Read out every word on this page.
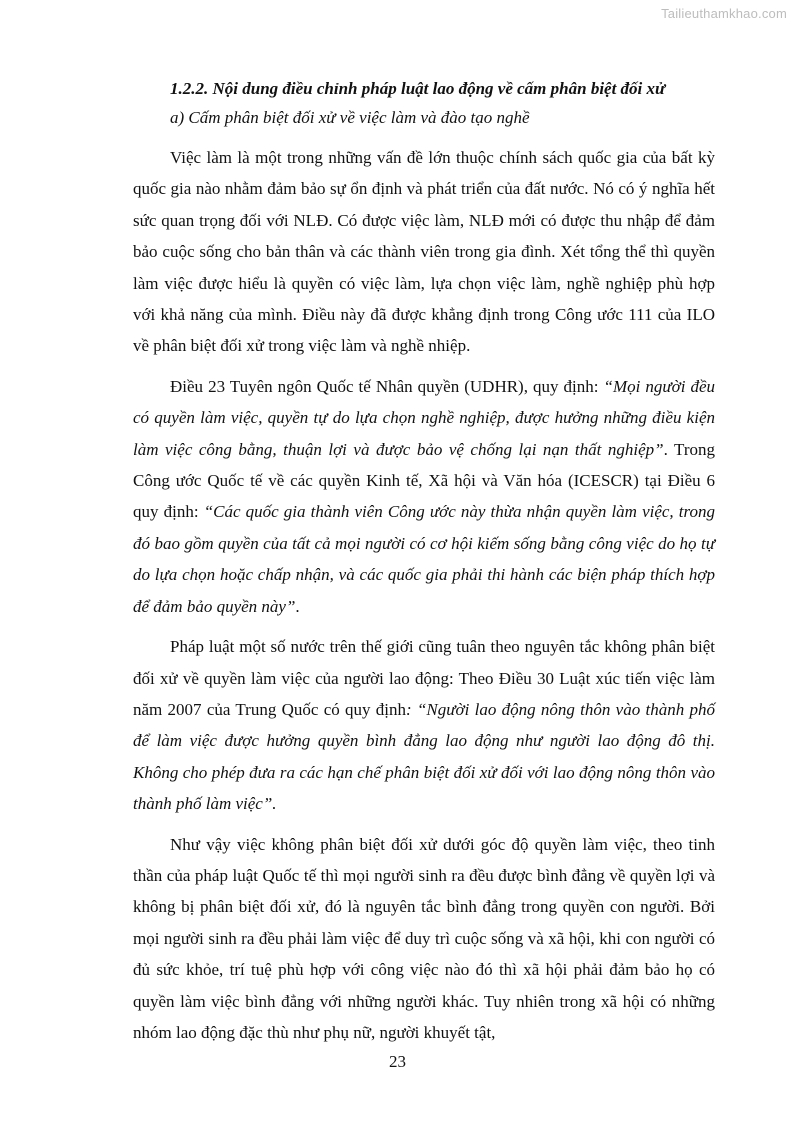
Tailieuthamkhao.com

1.2.2. Nội dung điều chỉnh pháp luật lao động về cấm phân biệt đối xử

a) Cấm phân biệt đối xử về việc làm và đào tạo nghề

Việc làm là một trong những vấn đề lớn thuộc chính sách quốc gia của bất kỳ quốc gia nào nhằm đảm bảo sự ổn định và phát triển của đất nước. Nó có ý nghĩa hết sức quan trọng đối với NLĐ. Có được việc làm, NLĐ mới có được thu nhập để đảm bảo cuộc sống cho bản thân và các thành viên trong gia đình. Xét tổng thể thì quyền làm việc được hiểu là quyền có việc làm, lựa chọn việc làm, nghề nghiệp phù hợp với khả năng của mình. Điều này đã được khẳng định trong Công ước 111 của ILO về phân biệt đối xử trong việc làm và nghề nhiệp.

Điều 23 Tuyên ngôn Quốc tế Nhân quyền (UDHR), quy định: “Mọi người đều có quyền làm việc, quyền tự do lựa chọn nghề nghiệp, được hưởng những điều kiện làm việc công bằng, thuận lợi và được bảo vệ chống lại nạn thất nghiệp”. Trong Công ước Quốc tế về các quyền Kinh tế, Xã hội và Văn hóa (ICESCR) tại Điều 6 quy định: “Các quốc gia thành viên Công ước này thừa nhận quyền làm việc, trong đó bao gồm quyền của tất cả mọi người có cơ hội kiếm sống bằng công việc do họ tự do lựa chọn hoặc chấp nhận, và các quốc gia phải thi hành các biện pháp thích hợp để đảm bảo quyền này”.

Pháp luật một số nước trên thế giới cũng tuân theo nguyên tắc không phân biệt đối xử về quyền làm việc của người lao động: Theo Điều 30 Luật xúc tiến việc làm năm 2007 của Trung Quốc có quy định: “Người lao động nông thôn vào thành phố để làm việc được hưởng quyền bình đẳng lao động như người lao động đô thị. Không cho phép đưa ra các hạn chế phân biệt đối xử đối với lao động nông thôn vào thành phố làm việc”.

Như vậy việc không phân biệt đối xử dưới góc độ quyền làm việc, theo tinh thần của pháp luật Quốc tế thì mọi người sinh ra đều được bình đẳng về quyền lợi và không bị phân biệt đối xử, đó là nguyên tắc bình đẳng trong quyền con người. Bởi mọi người sinh ra đều phải làm việc để duy trì cuộc sống và xã hội, khi con người có đủ sức khỏe, trí tuệ phù hợp với công việc nào đó thì xã hội phải đảm bảo họ có quyền làm việc bình đẳng với những người khác. Tuy nhiên trong xã hội có những nhóm lao động đặc thù như phụ nữ, người khuyết tật,

23
